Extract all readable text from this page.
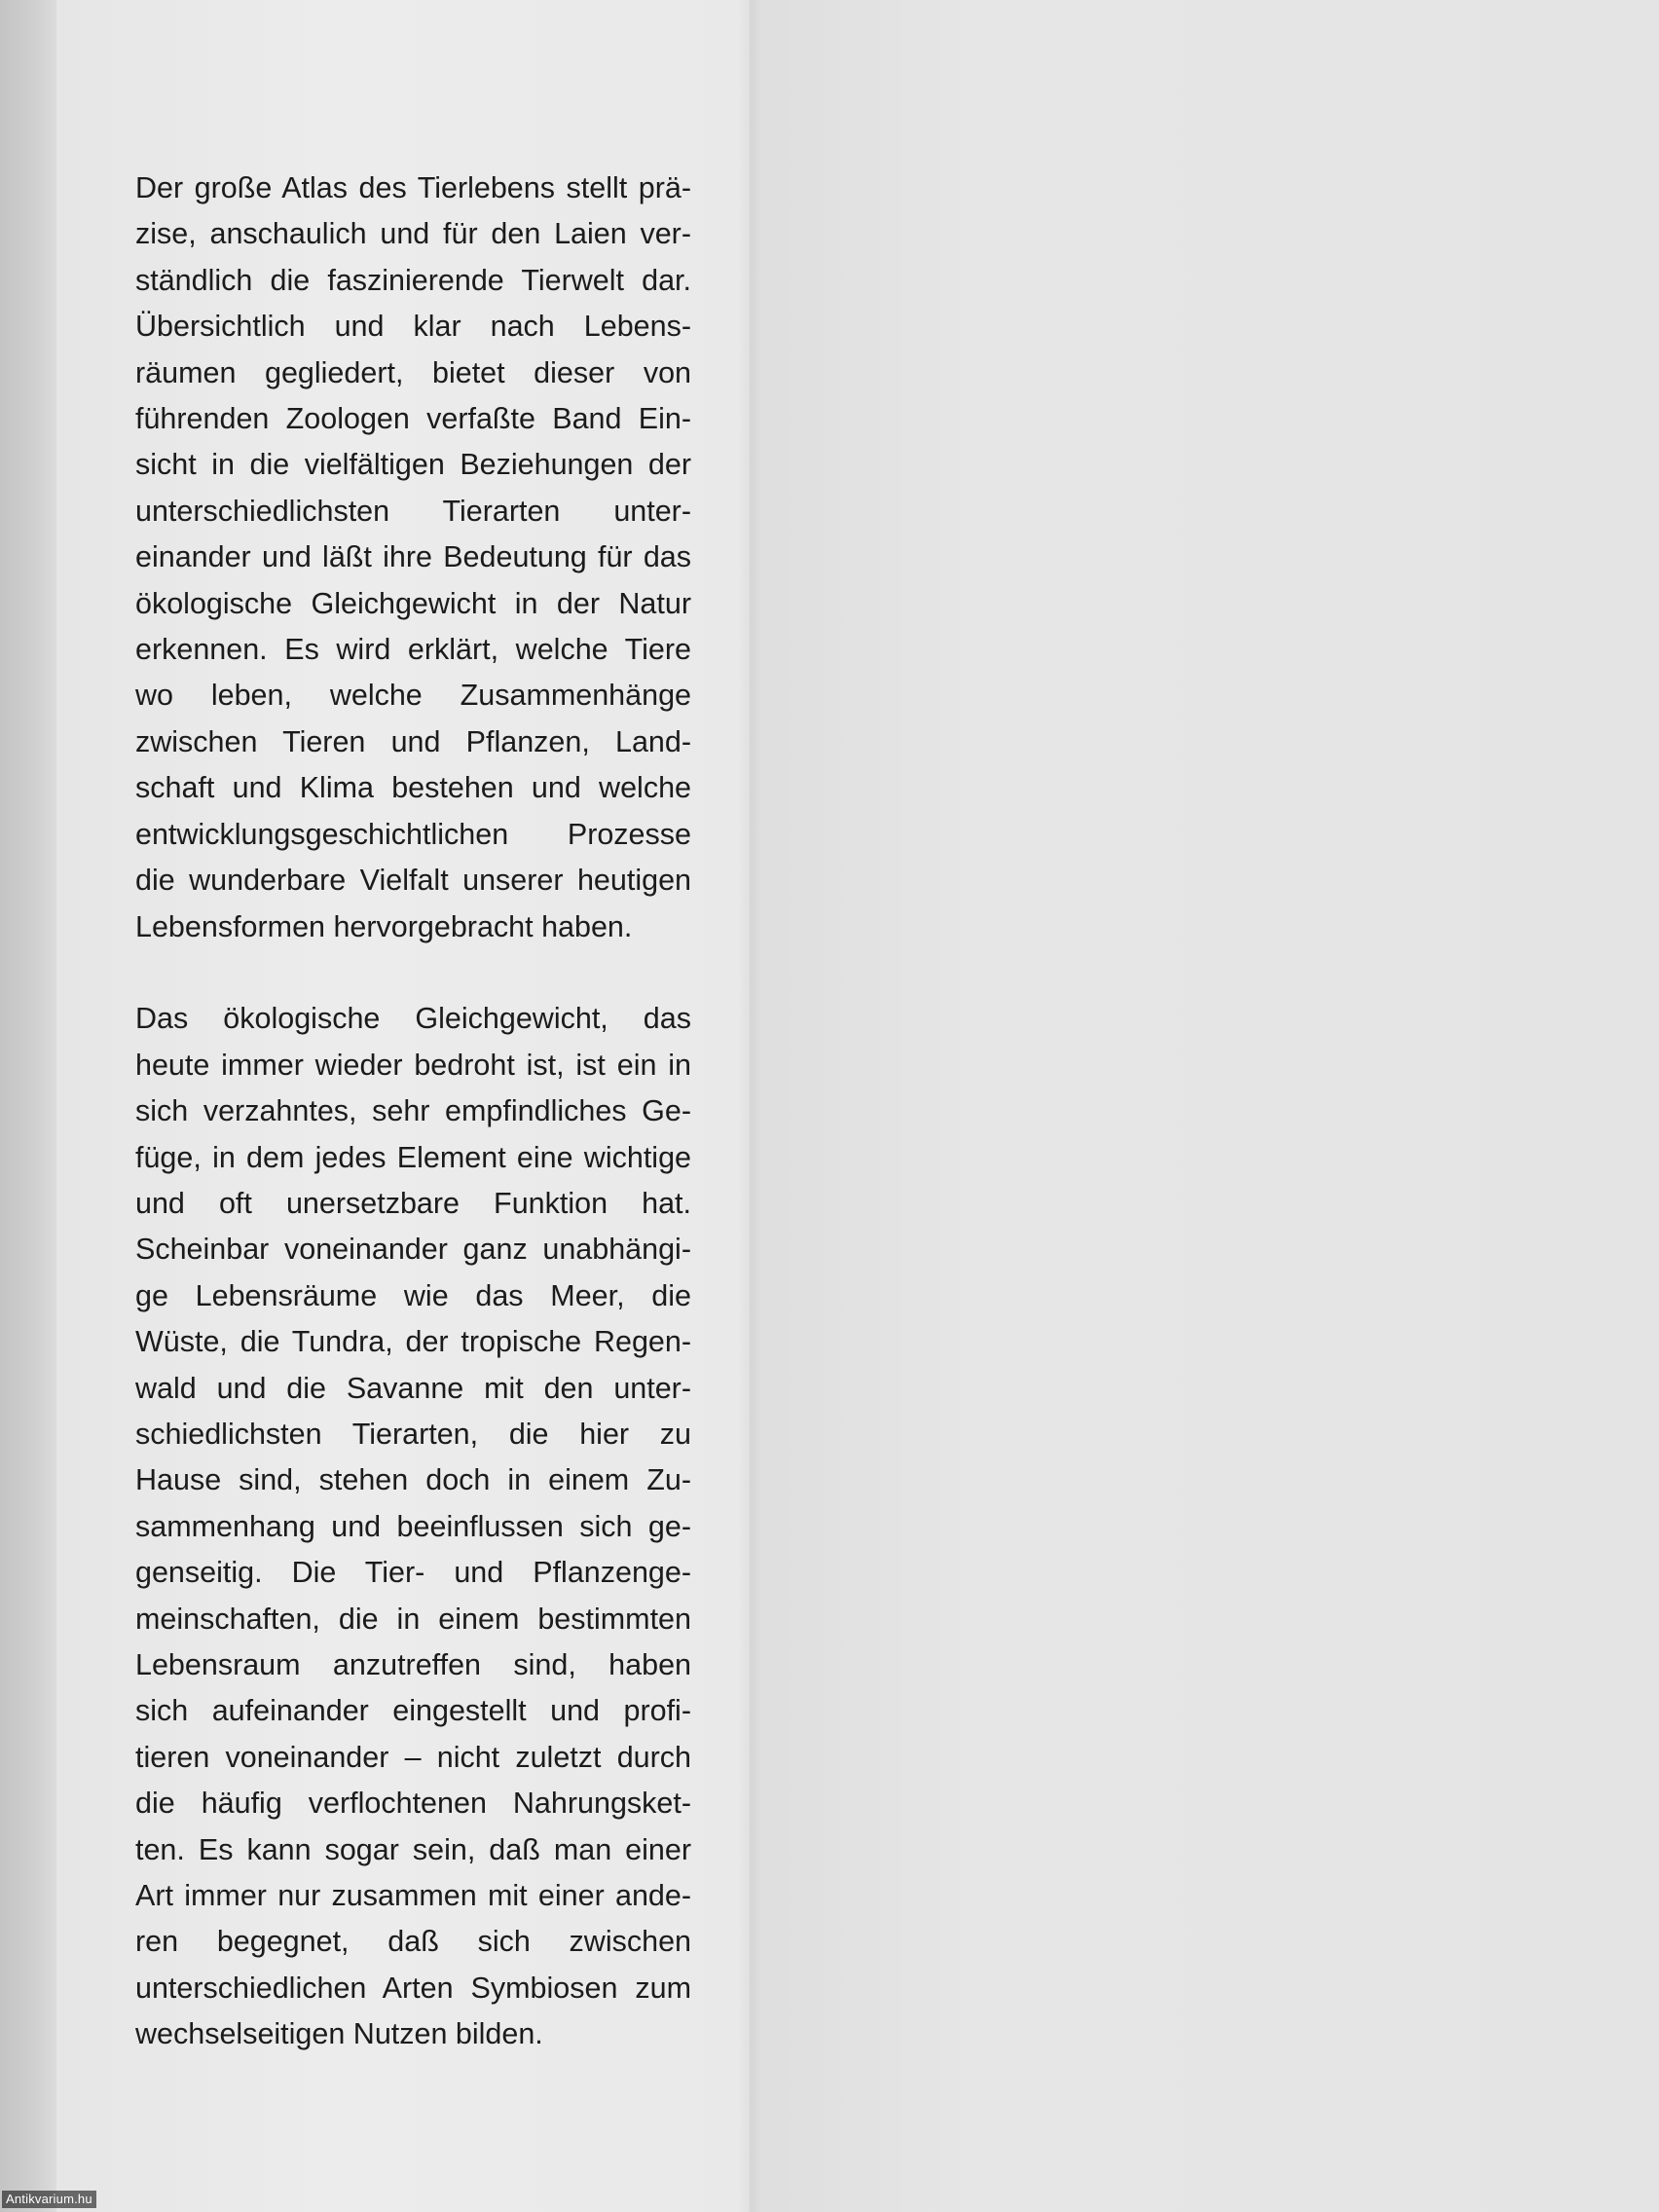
Der große Atlas des Tierlebens stellt prä-
zise, anschaulich und für den Laien ver-
ständlich die faszinierende Tierwelt dar.
Übersichtlich und klar nach Lebens-
räumen gegliedert, bietet dieser von
führenden Zoologen verfaßte Band Ein-
sicht in die vielfältigen Beziehungen der
unterschiedlichsten Tierarten unter-
einander und läßt ihre Bedeutung für das
ökologische Gleichgewicht in der Natur
erkennen. Es wird erklärt, welche Tiere
wo leben, welche Zusammenhänge
zwischen Tieren und Pflanzen, Land-
schaft und Klima bestehen und welche
entwicklungsgeschichtlichen Prozesse
die wunderbare Vielfalt unserer heutigen
Lebensformen hervorgebracht haben.

Das ökologische Gleichgewicht, das
heute immer wieder bedroht ist, ist ein in
sich verzahntes, sehr empfindliches Ge-
füge, in dem jedes Element eine wichtige
und oft unersetzbare Funktion hat.
Scheinbar voneinander ganz unabhängi-
ge Lebensräume wie das Meer, die
Wüste, die Tundra, der tropische Regen-
wald und die Savanne mit den unter-
schiedlichsten Tierarten, die hier zu
Hause sind, stehen doch in einem Zu-
sammenhang und beeinflussen sich ge-
genseitig. Die Tier- und Pflanzenge-
meinschaften, die in einem bestimmten
Lebensraum anzutreffen sind, haben
sich aufeinander eingestellt und profi-
tieren voneinander – nicht zuletzt durch
die häufig verflochtenen Nahrungsket-
ten. Es kann sogar sein, daß man einer
Art immer nur zusammen mit einer ande-
ren begegnet, daß sich zwischen
unterschiedlichen Arten Symbiosen zum
wechselseitigen Nutzen bilden.

Antikvarium.hu
